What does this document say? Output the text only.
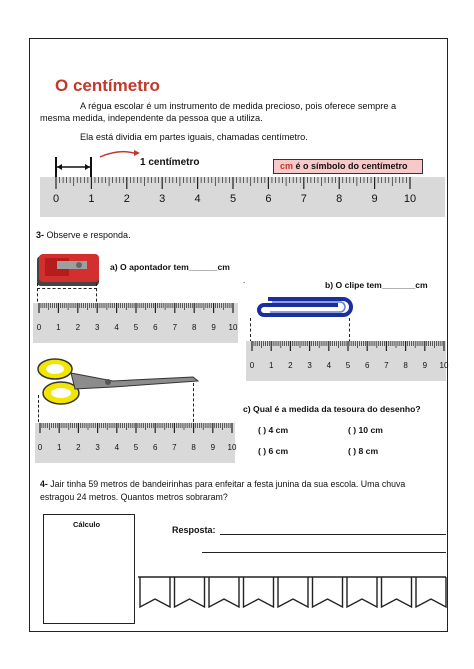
O centímetro
A régua escolar é um instrumento de medida precioso, pois oferece sempre a
mesma medida, independente da pessoa que a utiliza.
Ela está dividia em partes iguais, chamadas centímetro.
1 centímetro	cm é o símbolo do centímetro
0	1	2	3	4	5	6	7	8	9 10
3- Observe e responda.
a) O apontador tem______cm
.
0 1 2 3 4 5 6 7 8 9 10
b) O clipe tem_______cm
0 1 2 3 4 5 6 7 8 9 10
0 1 2 3 4 5 6 7 8 9 10
c) Qual é a medida da tesoura do desenho?
( ) 4 cm	( ) 10 cm
( ) 6 cm	( ) 8 cm
4- Jair tinha 59 metros de bandeirinhas para enfeitar a festa junina da sua escola. Uma chuva
estragou 24 metros. Quantos metros sobraram?
Cálculo
Resposta:
